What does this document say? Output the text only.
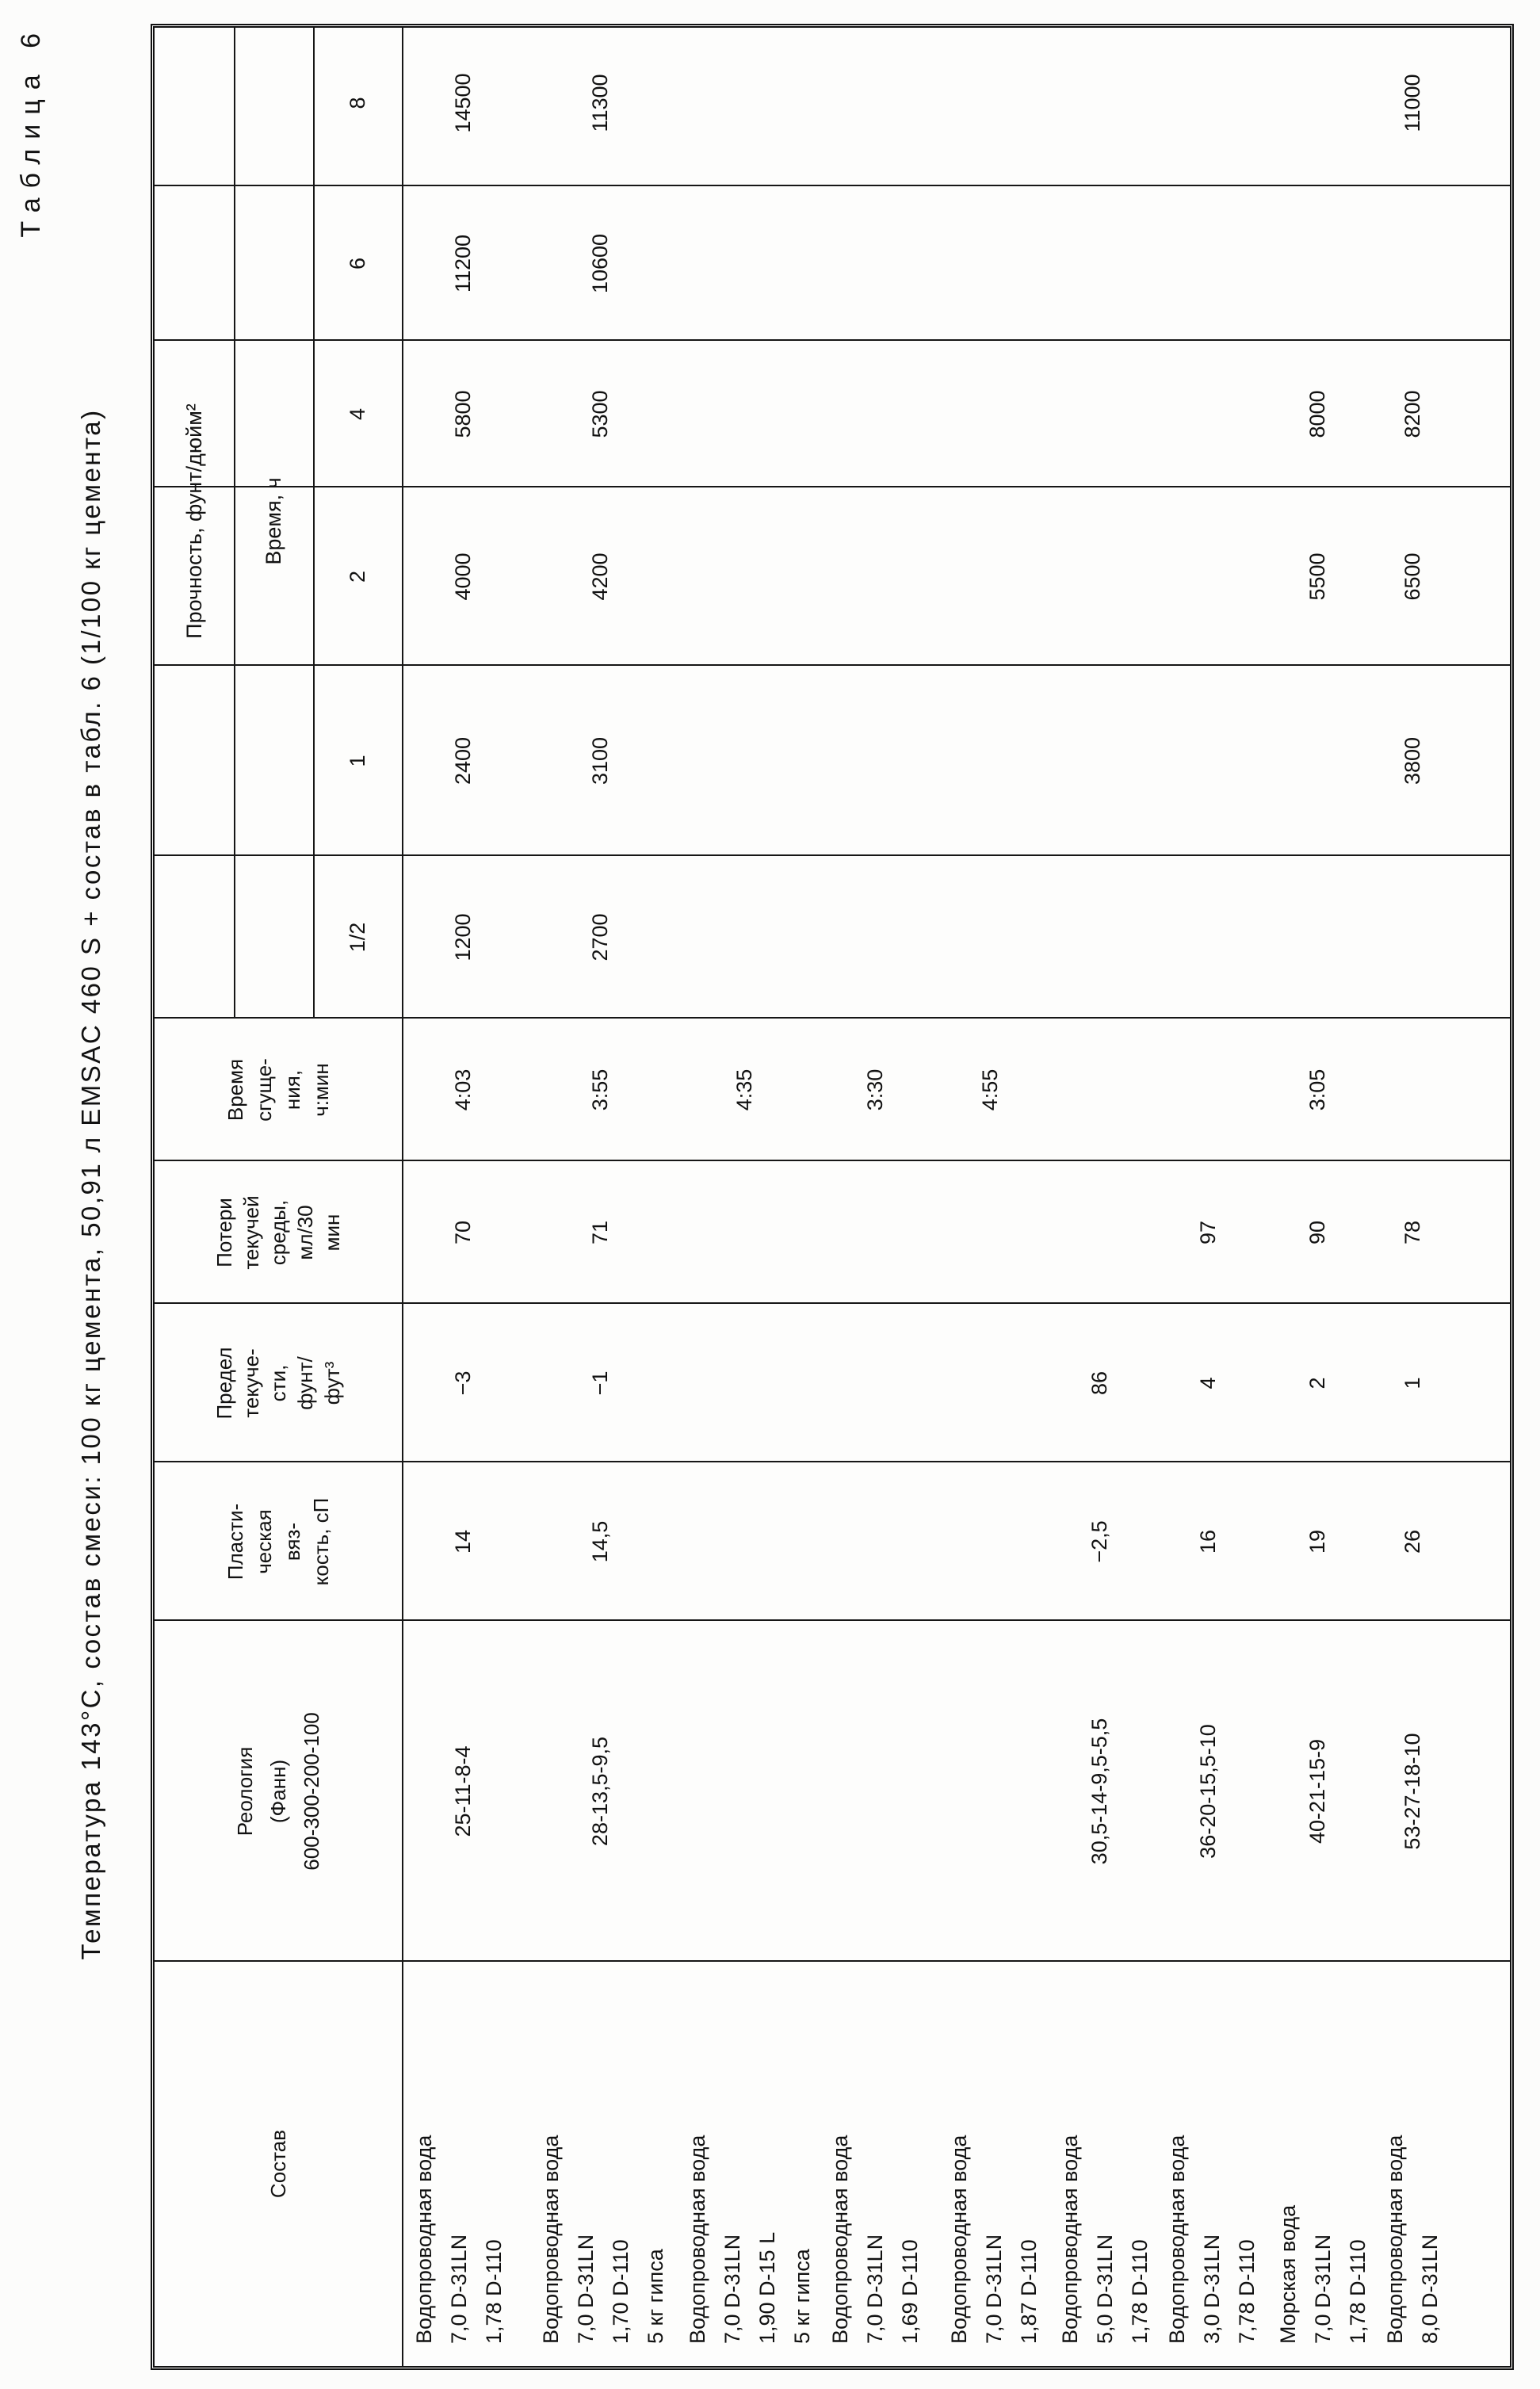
Таблица 6
Температура 143°С, состав смеси: 100 кг цемента, 50,91 л EMSAC 460 S + состав в табл. 6 (1/100 кг цемента)
Состав
Реология
(Фанн)
600-300-200-100
Пласти-
ческая
вяз-
кость, сП
Предел
текуче-
сти,
фунт/
фут³
Потери
текучей
среды,
мл/30
мин
Время
сгуще-
ния,
ч:мин
Прочность, фунт/дюйм²	Время, ч
1/2
1
2
4
6
8
Водопроводная вода
7,0 D-31LN
1,78 D-110
25-11-8-4
14
−3
70
4:03
1200
2400
4000
5800
11200
14500
Водопроводная вода
7,0 D-31LN
1,70 D-110
5 кг гипса
28-13,5-9,5
14,5
−1
71
3:55
2700
3100
4200
5300
10600
11300
Водопроводная вода
7,0 D-31LN
1,90 D-15 L
5 кг гипса
4:35
Водопроводная вода
7,0 D-31LN
1,69 D-110
3:30
Водопроводная вода
7,0 D-31LN
1,87 D-110
4:55
Водопроводная вода
5,0 D-31LN
1,78 D-110
30,5-14-9,5-5,5
−2,5
86
Водопроводная вода
3,0 D-31LN
7,78 D-110
36-20-15,5-10
16
4
97
Морская вода
7,0 D-31LN
1,78 D-110
40-21-15-9
19
2
90
3:05
5500
8000
Водопроводная вода
8,0 D-31LN
53-27-18-10
26
1
78
3800
6500
8200
11000
